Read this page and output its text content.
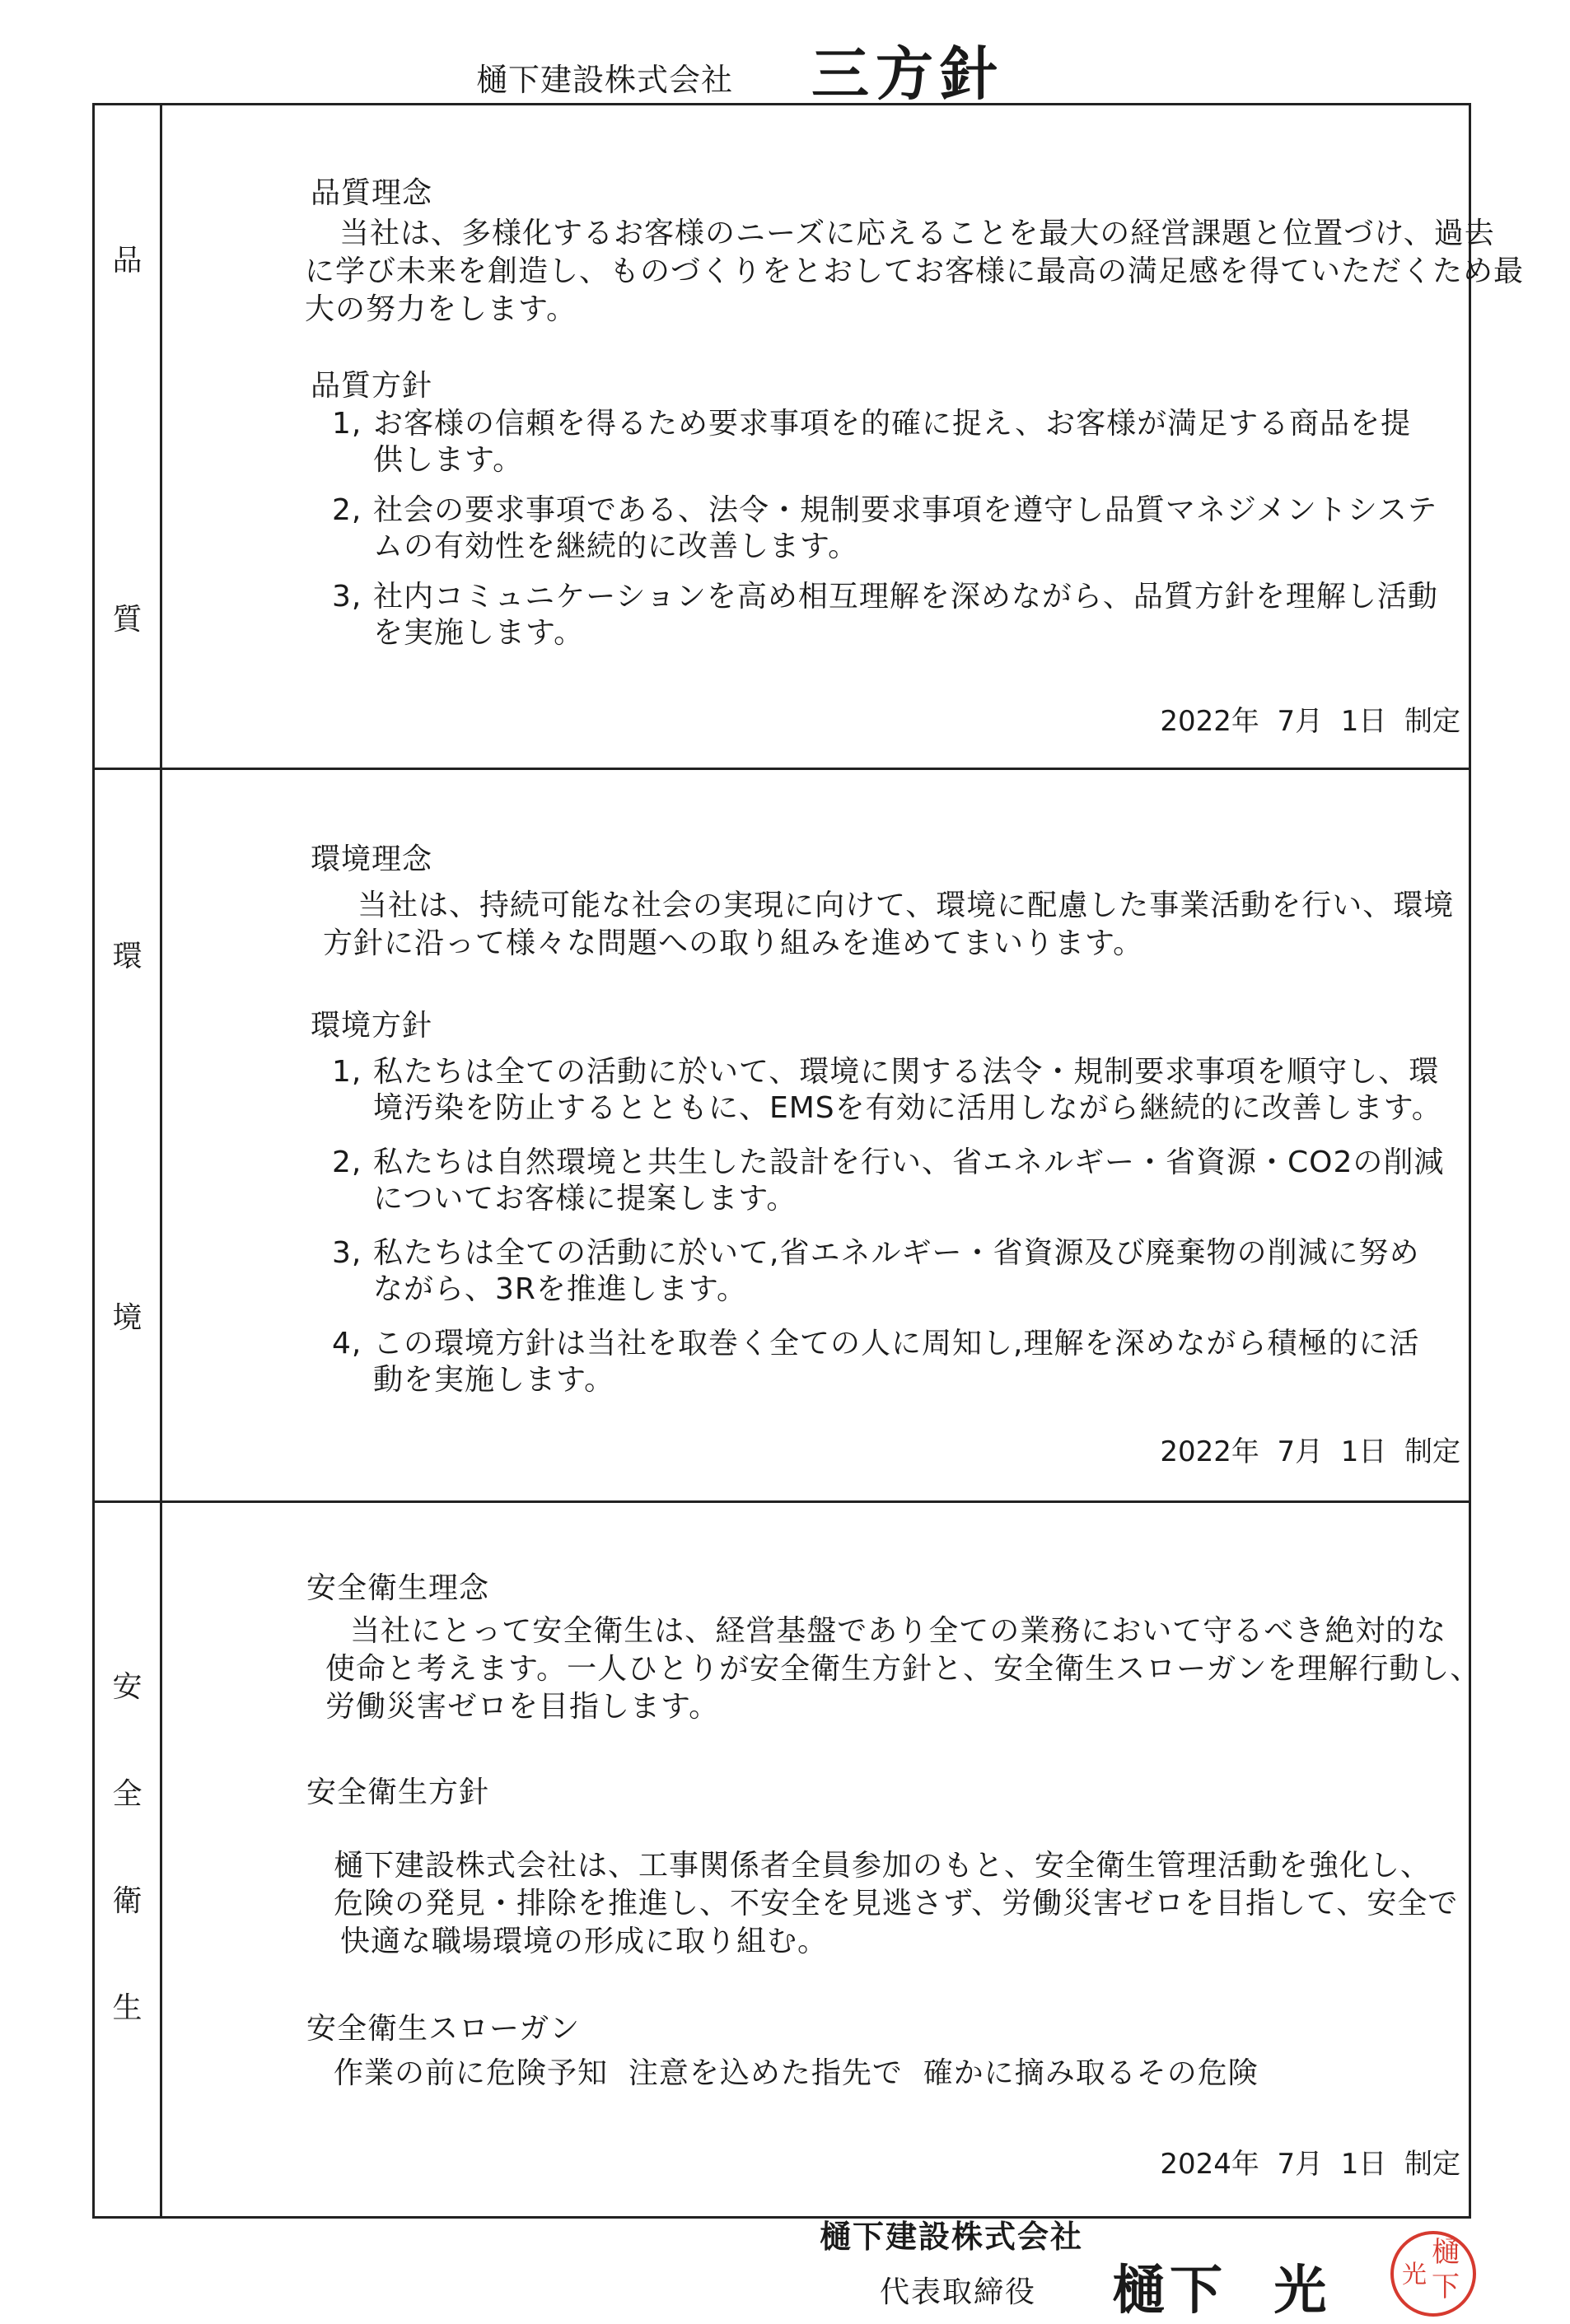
樋下建設株式会社 三方針
品
質
品質理念
当社は、多様化するお客様のニーズに応えることを最大の経営課題と位置づけ、過去
に学び未来を創造し、ものづくりをとおしてお客様に最高の満足感を得ていただくため最
大の努力をします。
品質方針
1, お客様の信頼を得るため要求事項を的確に捉え、お客様が満足する商品を提
供します。
2, 社会の要求事項である、法令・規制要求事項を遵守し品質マネジメントシステ
ムの有効性を継続的に改善します。
3, 社内コミュニケーションを高め相互理解を深めながら、品質方針を理解し活動
を実施します。
2022年  7月  1日  制定
環
境
環境理念
当社は、持続可能な社会の実現に向けて、環境に配慮した事業活動を行い、環境
方針に沿って様々な問題への取り組みを進めてまいります。
環境方針
1, 私たちは全ての活動に於いて、環境に関する法令・規制要求事項を順守し、環
境汚染を防止するとともに、EMSを有効に活用しながら継続的に改善します。
2, 私たちは自然環境と共生した設計を行い、省エネルギー・省資源・CO2の削減
についてお客様に提案します。
3, 私たちは全ての活動に於いて,省エネルギー・省資源及び廃棄物の削減に努め
ながら、3Rを推進します。
4, この環境方針は当社を取巻く全ての人に周知し,理解を深めながら積極的に活
動を実施します。
2022年  7月  1日  制定
安
全
衛
生
安全衛生理念
当社にとって安全衛生は、経営基盤であり全ての業務において守るべき絶対的な
使命と考えます。一人ひとりが安全衛生方針と、安全衛生スローガンを理解行動し、
労働災害ゼロを目指します。
安全衛生方針
樋下建設株式会社は、工事関係者全員参加のもと、安全衛生管理活動を強化し、
危険の発見・排除を推進し、不安全を見逃さず、労働災害ゼロを目指して、安全で
快適な職場環境の形成に取り組む。
安全衛生スローガン
作業の前に危険予知  注意を込めた指先で  確かに摘み取るその危険
2024年  7月  1日  制定
樋下建設株式会社
代表取締役 樋下  光
樋
下
光
